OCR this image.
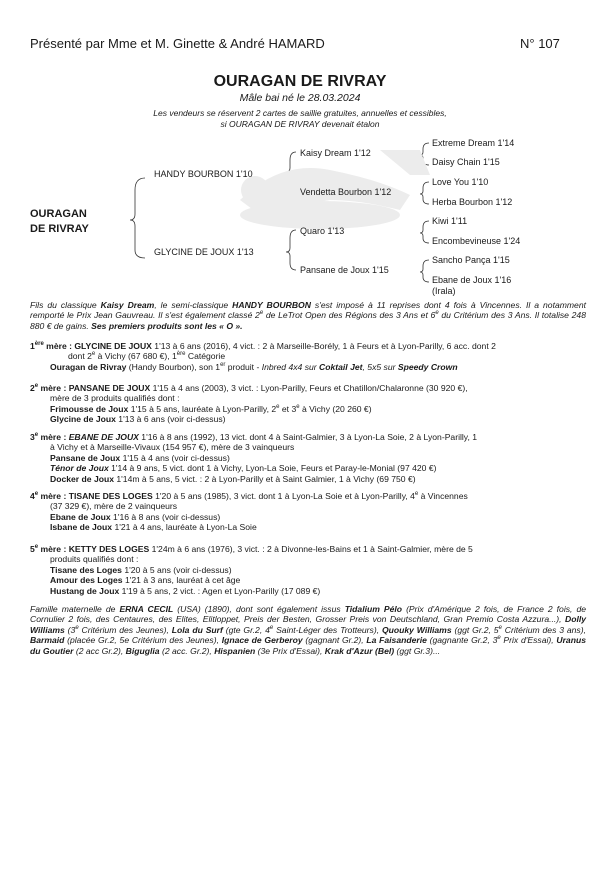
Présenté par Mme et M. Ginette & André HAMARD	N° 107
OURAGAN DE RIVRAY
Mâle bai né le 28.03.2024
Les vendeurs se réservent 2 cartes de saillie gratuites, annuelles et cessibles,
si OURAGAN DE RIVRAY devenait étalon
OURAGAN
DE RIVRAY
HANDY BOURBON 1'10
GLYCINE DE JOUX 1'13
Kaisy Dream 1'12
Vendetta Bourbon 1'12
Quaro 1'13
Pansane de Joux 1'15
Extreme Dream 1'14
Daisy Chain 1'15
Love You 1'10
Herba Bourbon 1'12
Kiwi 1'11
Encombevineuse 1'24
Sancho Pança 1'15
Ebane de Joux 1'16
(Irala)
Fils du classique Kaisy Dream, le semi-classique HANDY BOURBON s'est imposé à 11 reprises dont 4 fois à Vincennes. Il a notamment remporté le Prix Jean Gauvreau. Il s'est également classé 2e de LeTrot Open des Régions des 3 Ans et 6e du Critérium des 3 Ans. Il totalise 248 880 € de gains. Ses premiers produits sont les « O ».
1ère mère : GLYCINE DE JOUX 1'13 à 6 ans (2016), 4 vict. : 2 à Marseille-Borély, 1 à Feurs et à Lyon-Parilly, 6 acc. dont 2
dont 2e à Vichy (67 680 €), 1ère Catégorie
Ouragan de Rivray (Handy Bourbon), son 1er produit - Inbred 4x4 sur Coktail Jet, 5x5 sur Speedy Crown
2e mère : PANSANE DE JOUX 1'15 à 4 ans (2003), 3 vict. : Lyon-Parilly, Feurs et Chatillon/Chalaronne (30 920 €),
mère de 3 produits qualifiés dont :
Frimousse de Joux 1'15 à 5 ans, lauréate à Lyon-Parilly, 2e et 3e à Vichy (20 260 €)
Glycine de Joux 1'13 à 6 ans (voir ci-dessus)
3e mère : EBANE DE JOUX 1'16 à 8 ans (1992), 13 vict. dont 4 à Saint-Galmier, 3 à Lyon-La Soie, 2 à Lyon-Parilly, 1
à Vichy et à Marseille-Vivaux (154 957 €), mère de 3 vainqueurs
Pansane de Joux 1'15 à 4 ans (voir ci-dessus)
Ténor de Joux 1'14 à 9 ans, 5 vict. dont 1 à Vichy, Lyon-La Soie, Feurs et Paray-le-Monial (97 420 €)
Docker de Joux 1'14m à 5 ans, 5 vict. : 2 à Lyon-Parilly et à Saint Galmier, 1 à Vichy (69 750 €)
4e mère : TISANE DES LOGES 1'20 à 5 ans (1985), 3 vict. dont 1 à Lyon-La Soie et à Lyon-Parilly, 4e à Vincennes
(37 329 €), mère de 2 vainqueurs
Ebane de Joux 1'16 à 8 ans (voir ci-dessus)
Isbane de Joux 1'21 à 4 ans, lauréate à Lyon-La Soie
5e mère : KETTY DES LOGES 1'24m à 6 ans (1976), 3 vict. : 2 à Divonne-les-Bains et 1 à Saint-Galmier, mère de 5
produits qualifiés dont :
Tisane des Loges 1'20 à 5 ans (voir ci-dessus)
Amour des Loges 1'21 à 3 ans, lauréat à cet âge
Hustang de Joux 1'19 à 5 ans, 2 vict. : Agen et Lyon-Parilly (17 089 €)
Famille maternelle de ERNA CECIL (USA) (1890), dont sont également issus Tidalium Pélo (Prix d'Amérique 2 fois, de France 2 fois, de Cornulier 2 fois, des Centaures, des Elites, Elitloppet, Preis der Besten, Grosser Preis von Deutschland, Gran Premio Costa Azzura...), Dolly Williams (3e Critérium des Jeunes), Lola du Surf (gte Gr.2, 4e Saint-Léger des Trotteurs), Quouky Williams (ggt Gr.2, 5e Critérium des 3 ans), Barmaid (placée Gr.2, 5e Critérium des Jeunes), Ignace de Gerberoy (gagnant Gr.2), La Faisanderie (gagnante Gr.2, 3e Prix d'Essai), Uranus du Goutier (2 acc Gr.2), Biguglia (2 acc. Gr.2), Hispanien (3e Prix d'Essai), Krak d'Azur (Bel) (ggt Gr.3)...
